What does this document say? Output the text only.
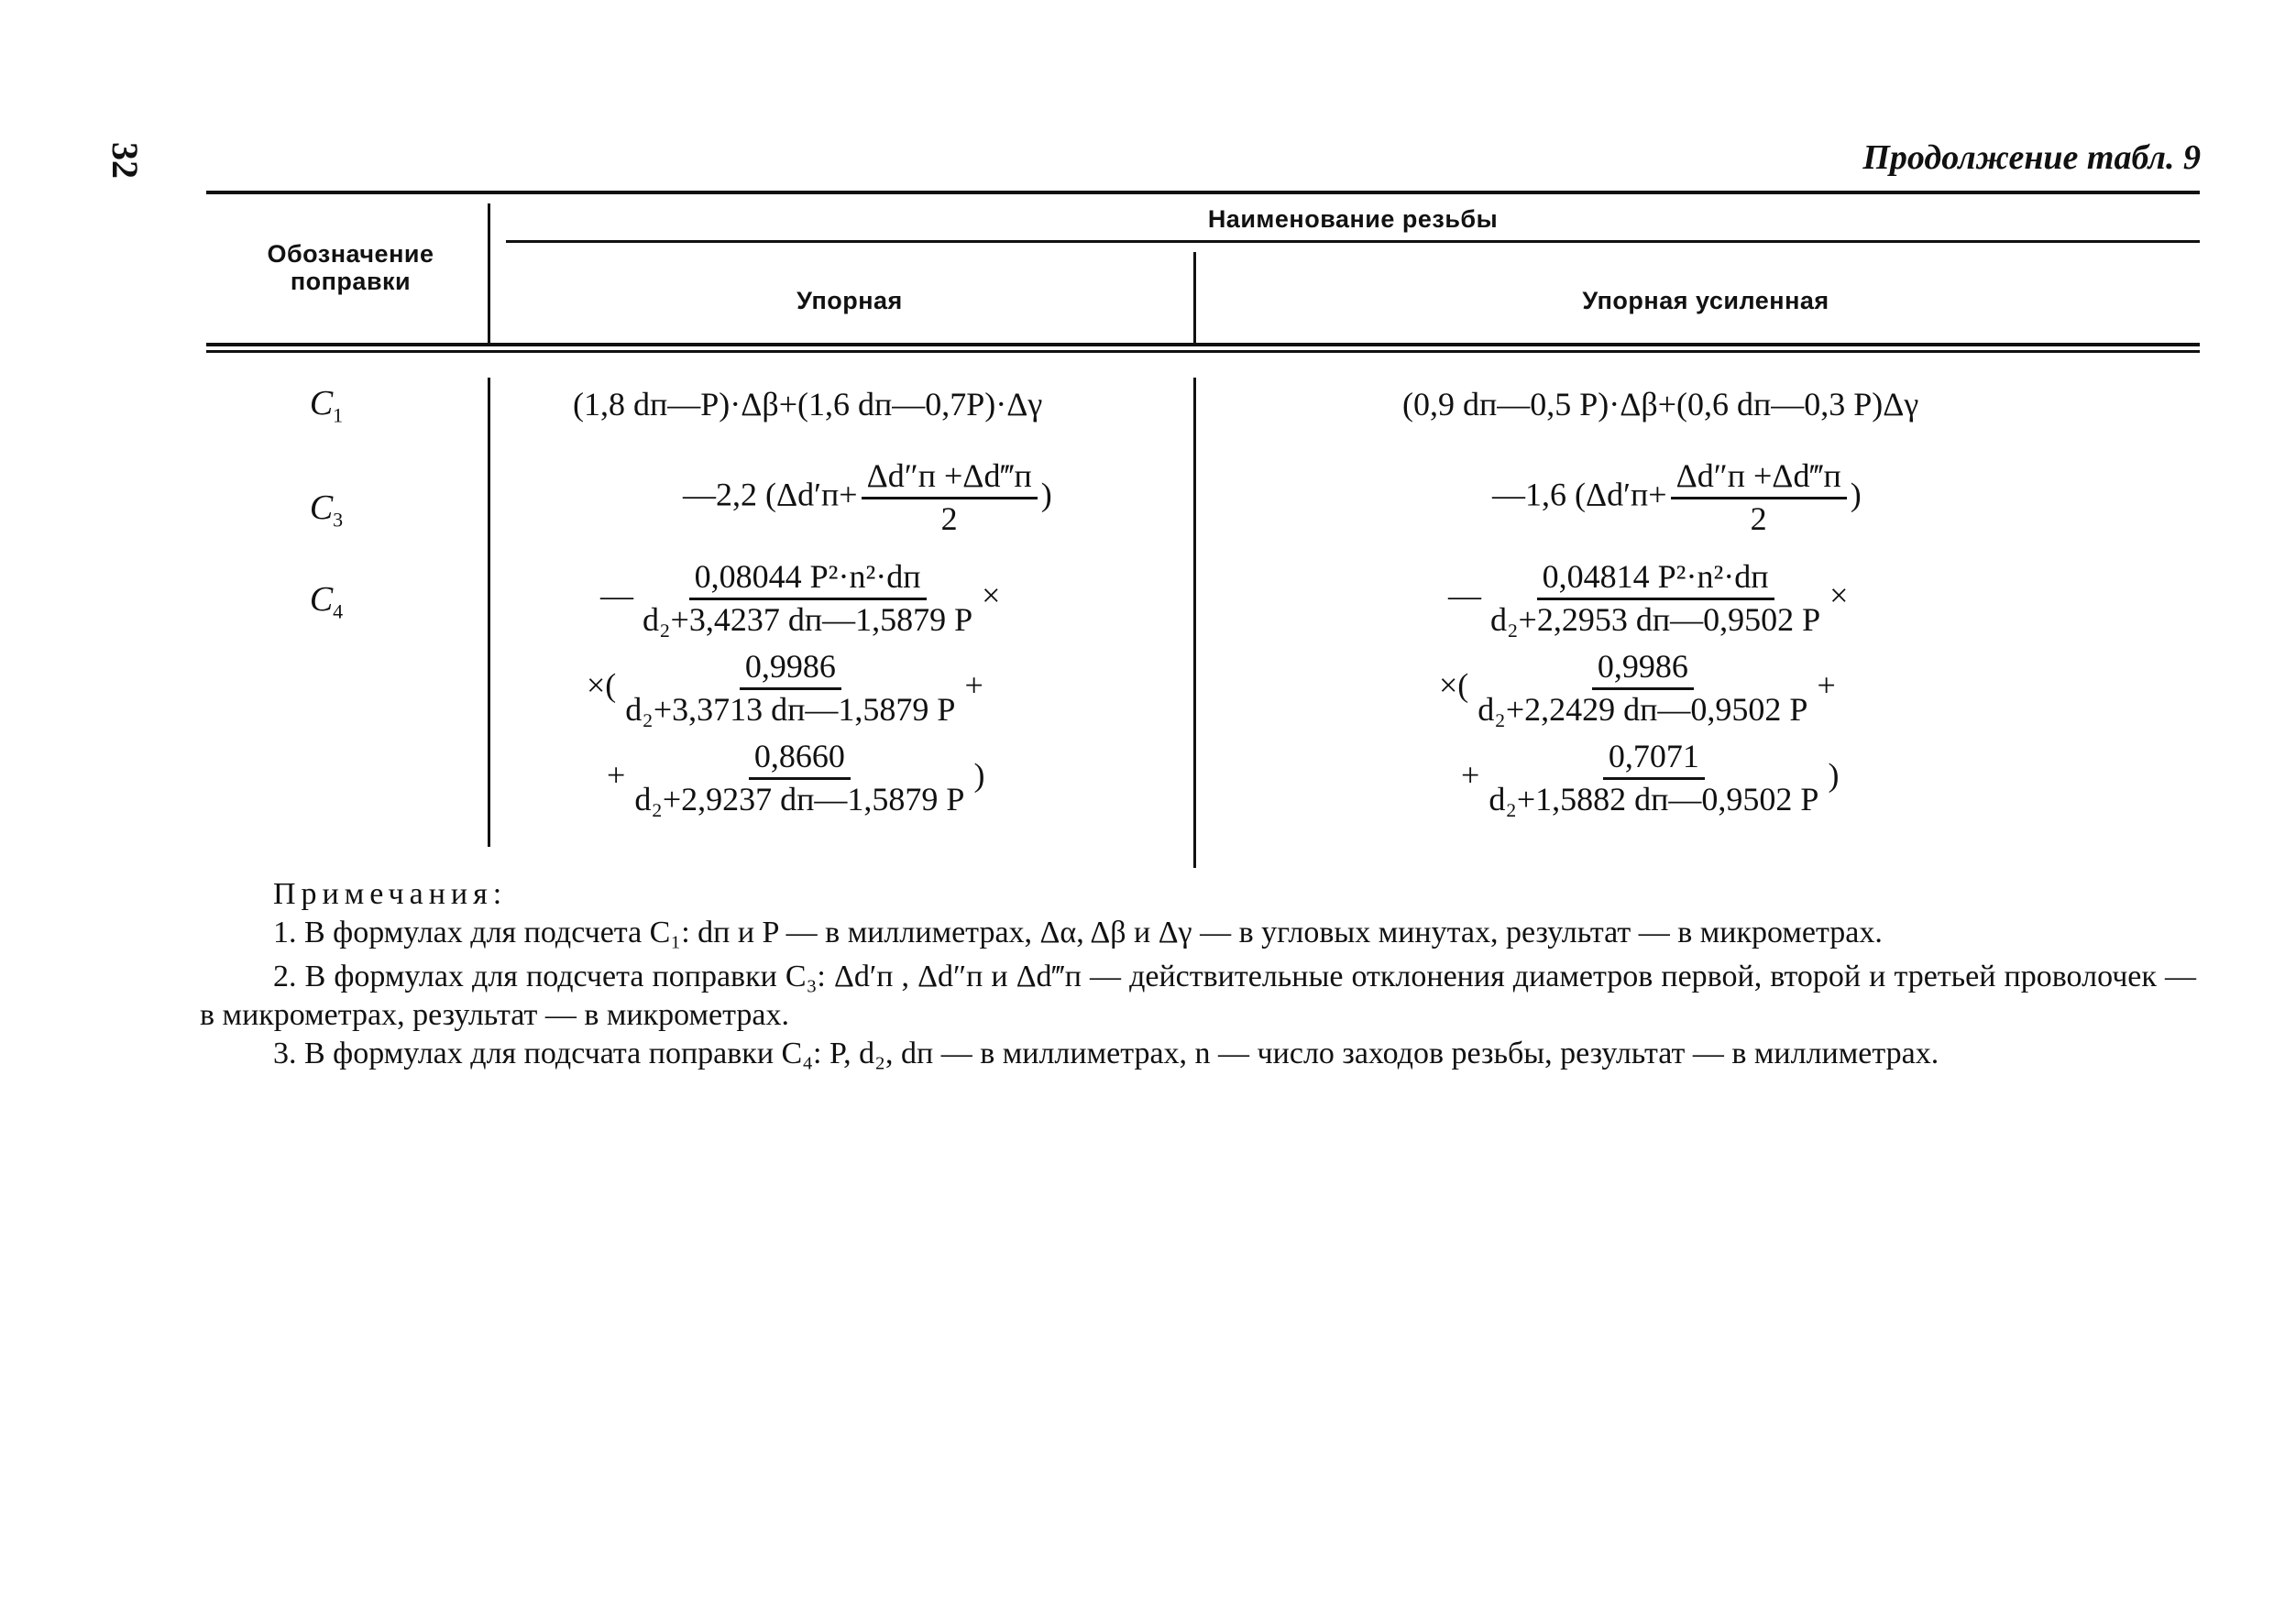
32	Продолжение табл. 9
Обозначение поправки
Наименование резьбы
Упорная	Упорная усиленная
$C_1$
$C_3$
$C_4$
(1,8 dп—P)·Δβ+(1,6 dп—0,7P)·Δγ
—2,2 ($\Delta d'п+ \frac{\Delta d''п +\Delta d‴п}{2}$ )
— $\frac{\text{0,08044 P²·n²·dп}}{\text{d₂+3,4237 dп—1,5879 P}}$ ×
×( $\frac{0,9986}{\text{d₂+3,3713 dп—1,5879 P}}$ +
+ $\frac{0,8660}{\text{d₂+2,9237 dп—1,5879 P}}$ )
(0,9 dп—0,5 P)·Δβ+(0,6 dп—0,3 P)Δγ
—1,6 ($\Delta d'п+ \frac{\Delta d''п +\Delta d‴п}{2}$ )
— $\frac{\text{0,04814 P²·n²·dп}}{\text{d₂+2,2953 dп—0,9502 P}}$ ×
×( $\frac{0,9986}{\text{d₂+2,2429 dп—0,9502 P}}$ +
+ $\frac{0,7071}{\text{d₂+1,5882 dп—0,9502 P}}$ )
Примечания:
1. В формулах для подсчета C₁: dп и P — в миллиметрах, Δα, Δβ и Δγ — в угловых минутах, результат — в микрометрах.
2. В формулах для подсчета поправки C₃: Δd′п , Δd″п и Δd‴п — действительные отклонения диаметров первой, второй и третьей проволочек — в микрометрах, результат — в микрометрах.
3. В формулах для подсчата поправки C₄: P, d₂, dп — в миллиметрах, n — число заходов резьбы, результат — в миллиметрах.
